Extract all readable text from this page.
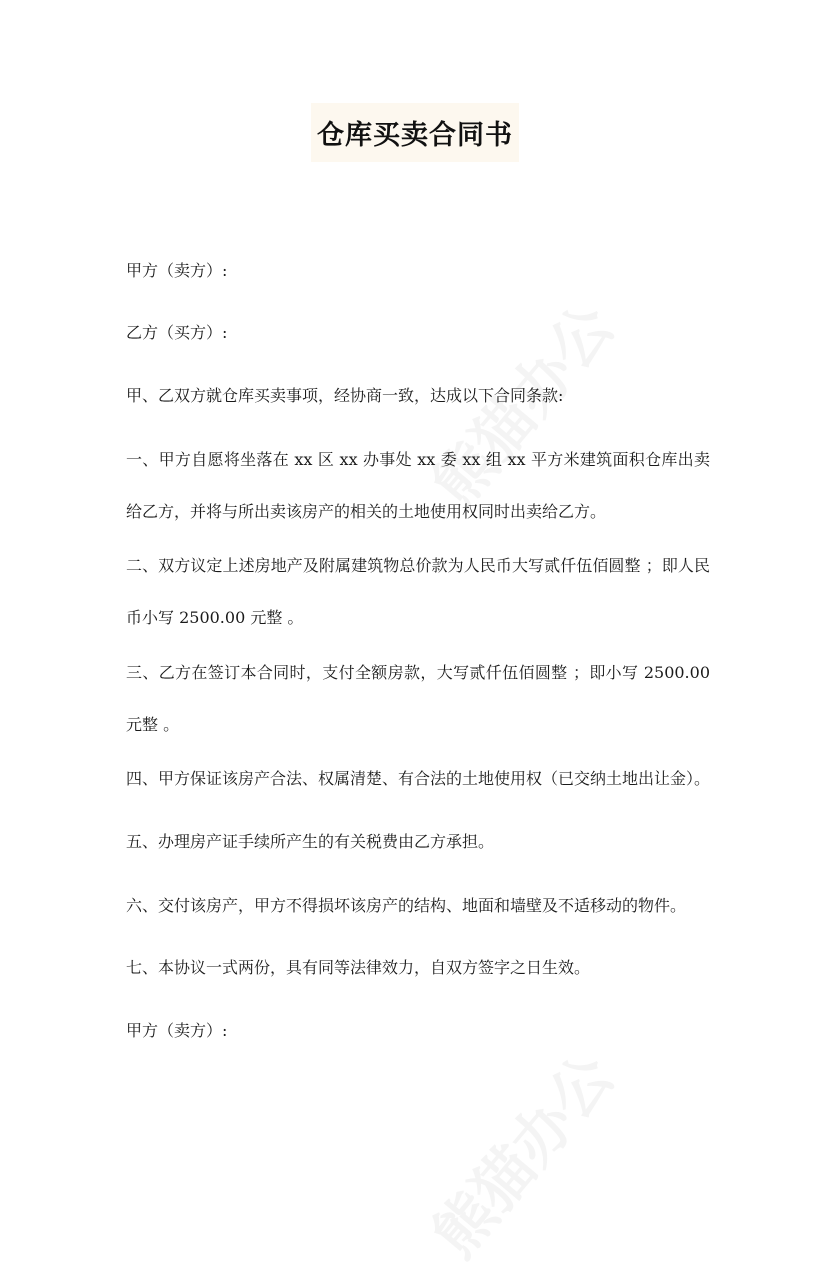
仓库买卖合同书

甲方（卖方）:

乙方（买方）:

甲、乙双方就仓库买卖事项，经协商一致，达成以下合同条款:

一、甲方自愿将坐落在 xx 区 xx 办事处 xx 委 xx 组 xx 平方米建筑面积仓库出卖给乙方，并将与所出卖该房产的相关的土地使用权同时出卖给乙方。

二、双方议定上述房地产及附属建筑物总价款为人民币大写贰仟伍佰圆整 ；即人民币小写 2500.00 元整 。

三、乙方在签订本合同时，支付全额房款，大写贰仟伍佰圆整 ；即小写 2500.00 元整 。

四、甲方保证该房产合法、权属清楚、有合法的土地使用权（已交纳土地出让金）。

五、办理房产证手续所产生的有关税费由乙方承担。

六、交付该房产，甲方不得损坏该房产的结构、地面和墙壁及不适移动的物件。

七、本协议一式两份，具有同等法律效力，自双方签字之日生效。

甲方（卖方）:
